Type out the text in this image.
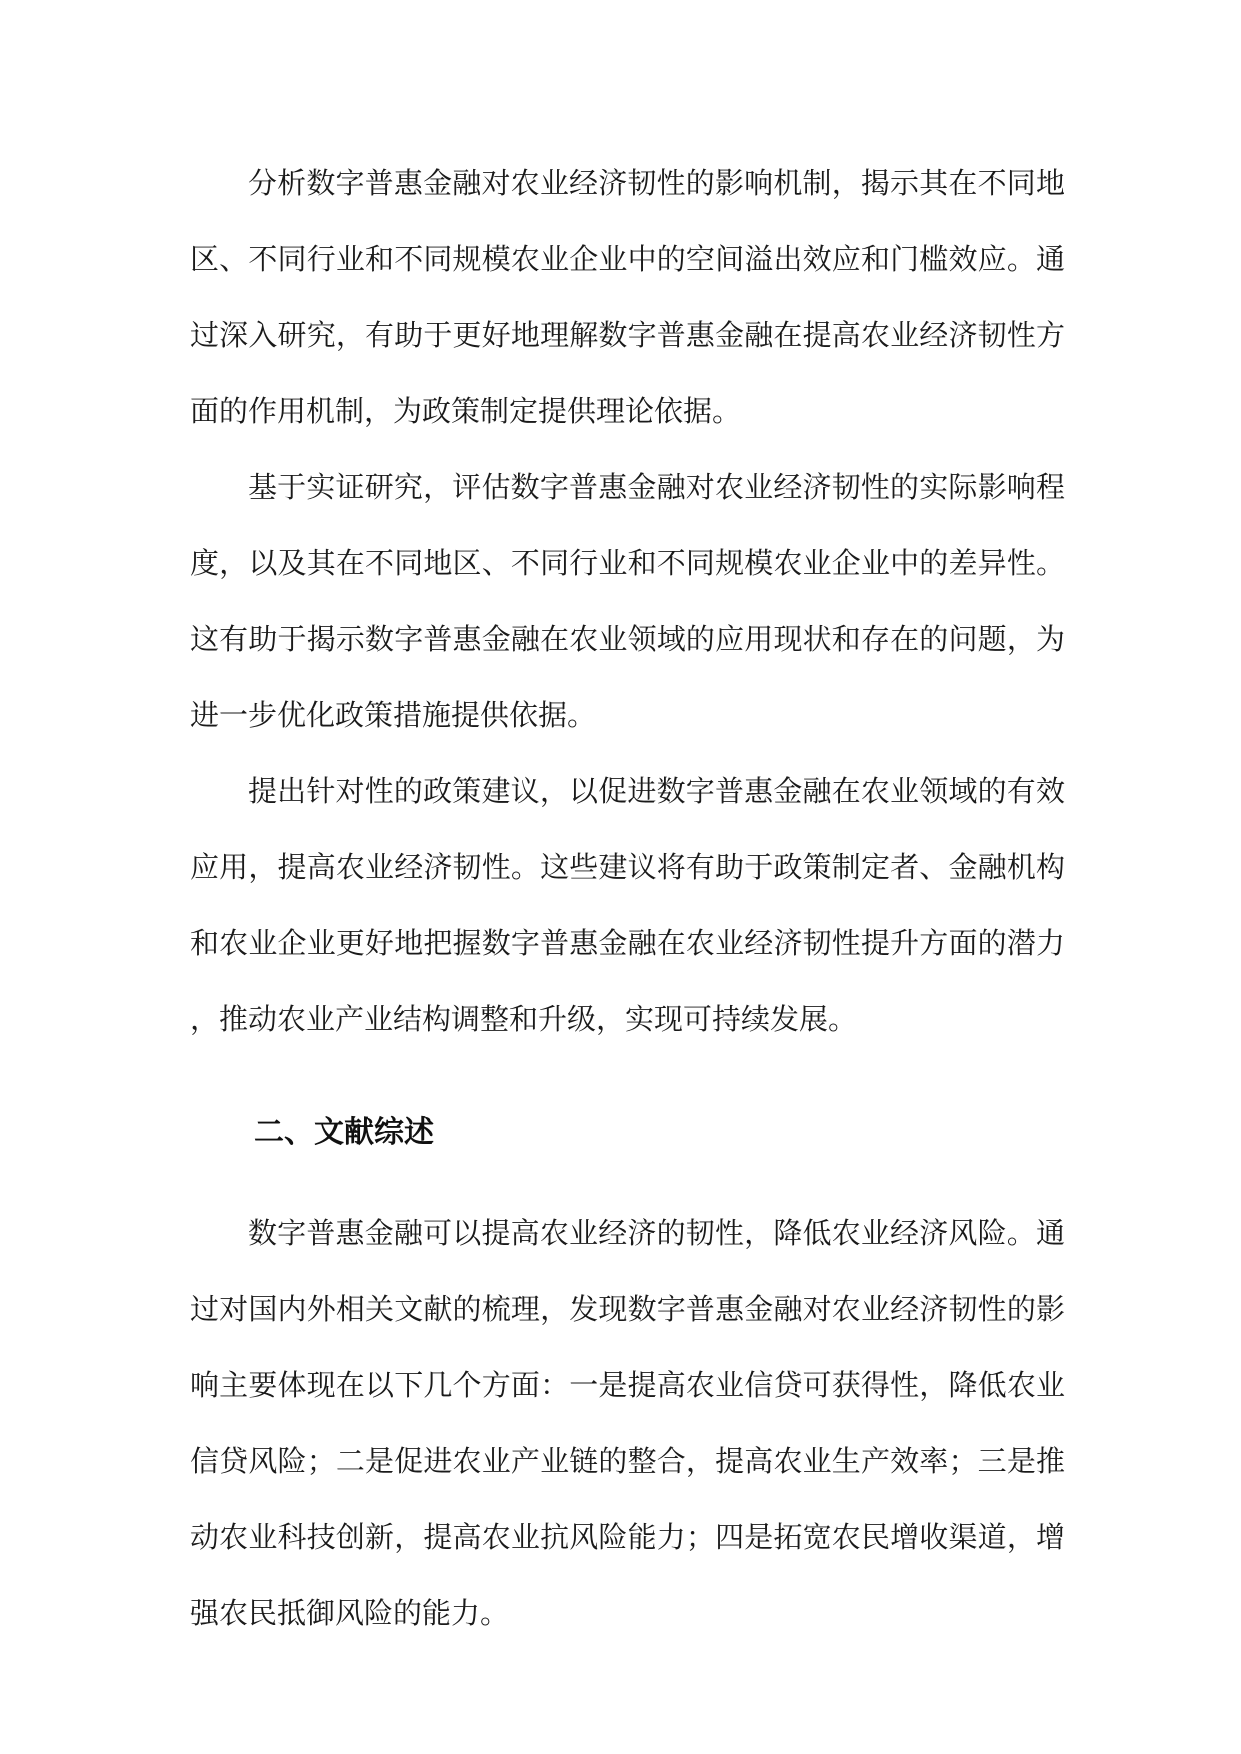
分析数字普惠金融对农业经济韧性的影响机制，揭示其在不同地区、不同行业和不同规模农业企业中的空间溢出效应和门槛效应。通过深入研究，有助于更好地理解数字普惠金融在提高农业经济韧性方面的作用机制，为政策制定提供理论依据。

基于实证研究，评估数字普惠金融对农业经济韧性的实际影响程度，以及其在不同地区、不同行业和不同规模农业企业中的差异性。这有助于揭示数字普惠金融在农业领域的应用现状和存在的问题，为进一步优化政策措施提供依据。

提出针对性的政策建议，以促进数字普惠金融在农业领域的有效应用，提高农业经济韧性。这些建议将有助于政策制定者、金融机构和农业企业更好地把握数字普惠金融在农业经济韧性提升方面的潜力，推动农业产业结构调整和升级，实现可持续发展。

二、文献综述

数字普惠金融可以提高农业经济的韧性，降低农业经济风险。通过对国内外相关文献的梳理，发现数字普惠金融对农业经济韧性的影响主要体现在以下几个方面：一是提高农业信贷可获得性，降低农业信贷风险；二是促进农业产业链的整合，提高农业生产效率；三是推动农业科技创新，提高农业抗风险能力；四是拓宽农民增收渠道，增强农民抵御风险的能力。
